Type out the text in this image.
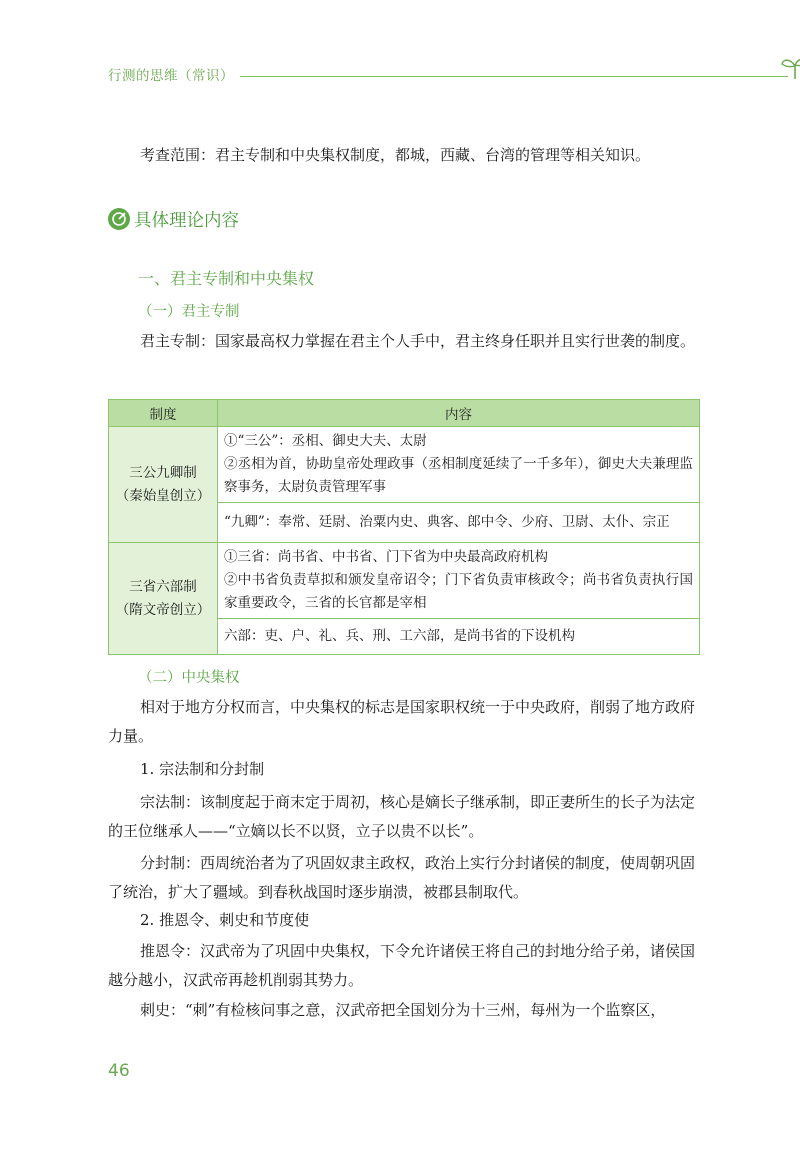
行测的思维（常识）
考查范围：君主专制和中央集权制度，都城，西藏、台湾的管理等相关知识。
具体理论内容
一、君主专制和中央集权
（一）君主专制
君主专制：国家最高权力掌握在君主个人手中，君主终身任职并且实行世袭的制度。
制度	内容

三公九卿制
（秦始皇创立）	①“三公”：丞相、御史大夫、太尉
②丞相为首，协助皇帝处理政事（丞相制度延续了一千多年），御史大夫兼理监察事务，太尉负责管理军事

	“九卿”：奉常、廷尉、治粟内史、典客、郎中令、少府、卫尉、太仆、宗正

三省六部制
（隋文帝创立）	①三省：尚书省、中书省、门下省为中央最高政府机构
②中书省负责草拟和颁发皇帝诏令；门下省负责审核政令；尚书省负责执行国家重要政令，三省的长官都是宰相

	六部：吏、户、礼、兵、刑、工六部，是尚书省的下设机构
（二）中央集权
相对于地方分权而言，中央集权的标志是国家职权统一于中央政府，削弱了地方政府力量。
1. 宗法制和分封制
宗法制：该制度起于商末定于周初，核心是嫡长子继承制，即正妻所生的长子为法定的王位继承人——“立嫡以长不以贤，立子以贵不以长”。
分封制：西周统治者为了巩固奴隶主政权，政治上实行分封诸侯的制度，使周朝巩固了统治，扩大了疆域。到春秋战国时逐步崩溃，被郡县制取代。
2. 推恩令、刺史和节度使
推恩令：汉武帝为了巩固中央集权，下令允许诸侯王将自己的封地分给子弟，诸侯国越分越小，汉武帝再趁机削弱其势力。
刺史：“刺”有检核问事之意，汉武帝把全国划分为十三州，每州为一个监察区，
46
